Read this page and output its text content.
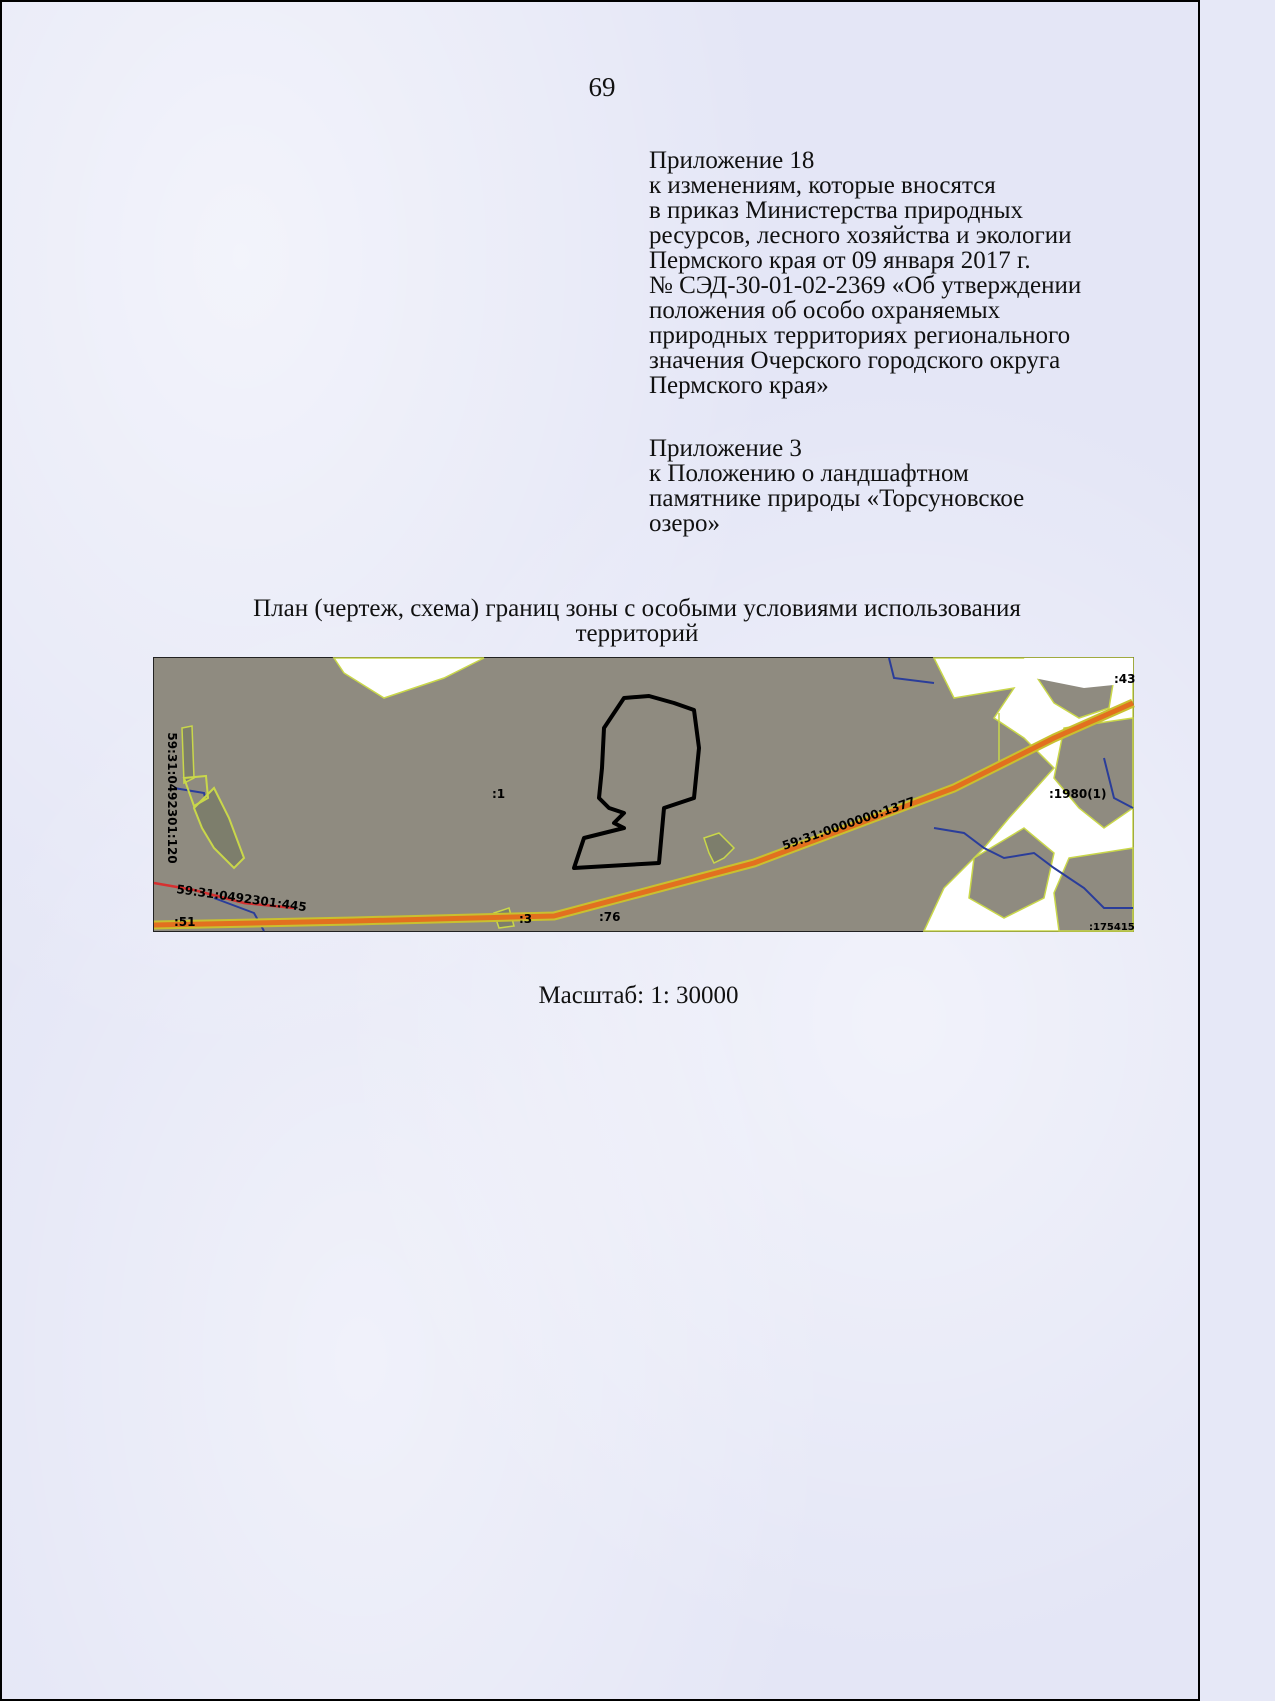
69
Приложение 18
к изменениям, которые вносятся
в приказ Министерства природных
ресурсов, лесного хозяйства и экологии
Пермского края от 09 января 2017 г.
№ СЭД-30-01-02-2369 «Об утверждении
положения об особо охраняемых
природных территориях регионального
значения Очерского городского округа
Пермского края»
Приложение 3
к Положению о ландшафтном
памятнике природы «Торсуновское
озеро»
План (чертеж, схема) границ зоны с особыми условиями использования
территорий
59:31:0492301:120
59:31:0492301:445
59:31:0000000:1377
:1
:3	:76
:51
:1980(1)
:43
:175415
Масштаб: 1: 30000
